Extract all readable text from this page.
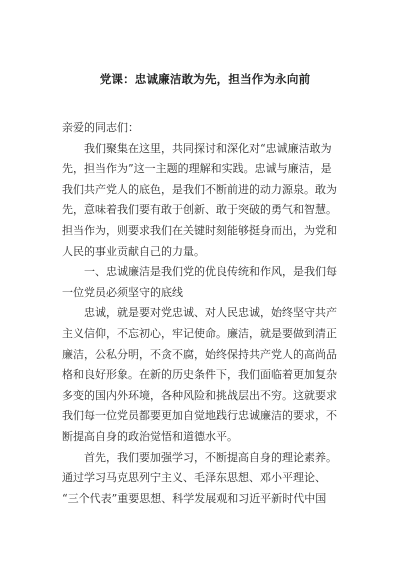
党课：忠诚廉洁敢为先，担当作为永向前
亲爱的同志们：
我们聚集在这里，共同探讨和深化对“忠诚廉洁敢为
先，担当作为”这一主题的理解和实践。忠诚与廉洁，是
我们共产党人的底色，是我们不断前进的动力源泉。敢为
先，意味着我们要有敢于创新、敢于突破的勇气和智慧。
担当作为，则要求我们在关键时刻能够挺身而出，为党和
人民的事业贡献自己的力量。
一、忠诚廉洁是我们党的优良传统和作风，是我们每
一位党员必须坚守的底线
忠诚，就是要对党忠诚、对人民忠诚，始终坚守共产
主义信仰，不忘初心，牢记使命。廉洁，就是要做到清正
廉洁，公私分明，不贪不腐，始终保持共产党人的高尚品
格和良好形象。在新的历史条件下，我们面临着更加复杂
多变的国内外环境，各种风险和挑战层出不穷。这就要求
我们每一位党员都要更加自觉地践行忠诚廉洁的要求，不
断提高自身的政治觉悟和道德水平。
首先，我们要加强学习，不断提高自身的理论素养。
通过学习马克思列宁主义、毛泽东思想、邓小平理论、
“三个代表”重要思想、科学发展观和习近平新时代中国
